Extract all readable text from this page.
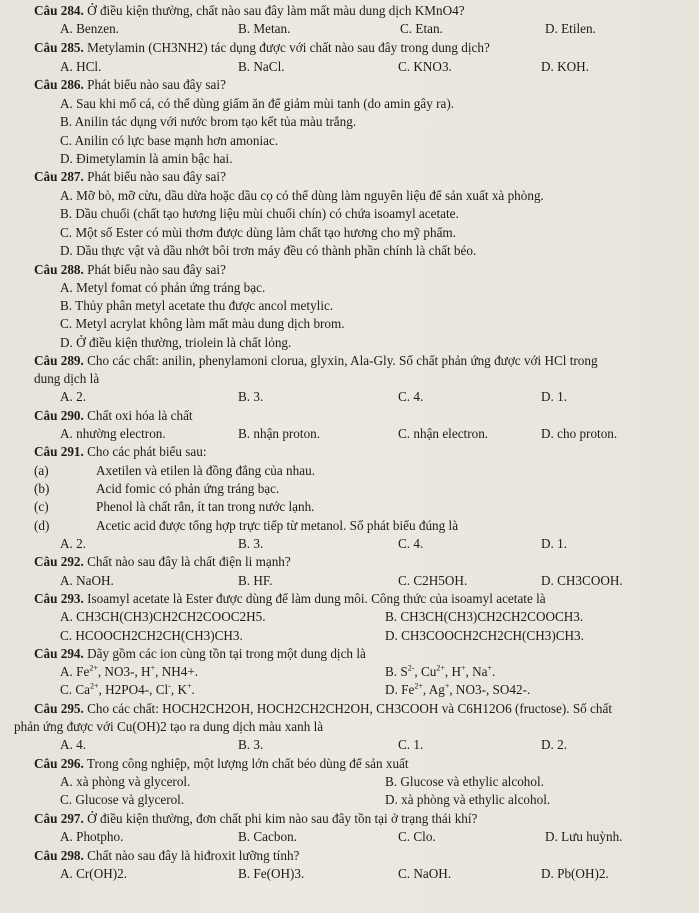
Câu 284. Ở điều kiện thường, chất nào sau đây làm mất màu dung dịch KMnO4?
A. Benzen.	B. Metan.	C. Etan.	D. Etilen.
Câu 285. Metylamin (CH3NH2) tác dụng được với chất nào sau đây trong dung dịch?
A. HCl.	B. NaCl.	C. KNO3.	D. KOH.
Câu 286. Phát biểu nào sau đây sai?
A. Sau khi mổ cá, có thể dùng giấm ăn để giảm mùi tanh (do amin gây ra).
B. Anilin tác dụng với nước brom tạo kết tủa màu trắng.
C. Anilin có lực base mạnh hơn amoniac.
D. Đimetylamin là amin bậc hai.
Câu 287. Phát biểu nào sau đây sai?
A. Mỡ bò, mỡ cừu, dầu dừa hoặc dầu cọ có thể dùng làm nguyên liệu để sản xuất xà phòng.
B. Dầu chuối (chất tạo hương liệu mùi chuối chín) có chứa isoamyl acetate.
C. Một số Ester có mùi thơm được dùng làm chất tạo hương cho mỹ phẩm.
D. Dầu thực vật và dầu nhớt bôi trơn máy đều có thành phần chính là chất béo.
Câu 288. Phát biểu nào sau đây sai?
A. Metyl fomat có phản ứng tráng bạc.
B. Thủy phân metyl acetate thu được ancol metylic.
C. Metyl acrylat không làm mất màu dung dịch brom.
D. Ở điều kiện thường, triolein là chất lỏng.
Câu 289. Cho các chất: anilin, phenylamoni clorua, glyxin, Ala-Gly. Số chất phản ứng được với HCl trong
dung dịch là
A. 2.	B. 3.	C. 4.	D. 1.
Câu 290. Chất oxi hóa là chất
A. nhường electron.	B. nhận proton.	C. nhận electron.	D. cho proton.
Câu 291. Cho các phát biểu sau:
(a)	Axetilen và etilen là đồng đẳng của nhau.
(b)	Acid fomic có phản ứng tráng bạc.
(c)	Phenol là chất rắn, ít tan trong nước lạnh.
(d)	Acetic acid được tổng hợp trực tiếp từ metanol. Số phát biểu đúng là
A. 2.	B. 3.	C. 4.	D. 1.
Câu 292. Chất nào sau đây là chất điện li mạnh?
A. NaOH.	B. HF.	C. C2H5OH.	D. CH3COOH.
Câu 293. Isoamyl acetate là Ester được dùng để làm dung môi. Công thức của isoamyl acetate là
A. CH3CH(CH3)CH2CH2COOC2H5.	B. CH3CH(CH3)CH2CH2COOCH3.
C. HCOOCH2CH2CH(CH3)CH3.	D. CH3COOCH2CH2CH(CH3)CH3.
Câu 294. Dãy gồm các ion cùng tồn tại trong một dung dịch là
A. $Fe^{2+}$, NO3-, H+, NH4+.	B. $S^{2-}$, $Cu^{2+}$, H+, Na+.
C. $Ca^{2+}$, H2PO4-, Cl-, K+.	D. $Fe^{2+}$, Ag+, NO3-, SO42-.
Câu 295. Cho các chất: HOCH2CH2OH, HOCH2CH2CH2OH, CH3COOH và C6H12O6 (fructose). Số chất
phản ứng được với Cu(OH)2 tạo ra dung dịch màu xanh là
A. 4.	B. 3.	C. 1.	D. 2.
Câu 296. Trong công nghiệp, một lượng lớn chất béo dùng để sản xuất
A. xà phòng và glycerol.	B. Glucose và ethylic alcohol.
C. Glucose và glycerol.	D. xà phòng và ethylic alcohol.
Câu 297. Ở điều kiện thường, đơn chất phi kim nào sau đây tồn tại ở trạng thái khí?
A. Photpho.	B. Cacbon.	C. Clo.	D. Lưu huỳnh.
Câu 298. Chất nào sau đây là hiđroxit lưỡng tính?
A. Cr(OH)2.	B. Fe(OH)3.	C. NaOH.	D. Pb(OH)2.
